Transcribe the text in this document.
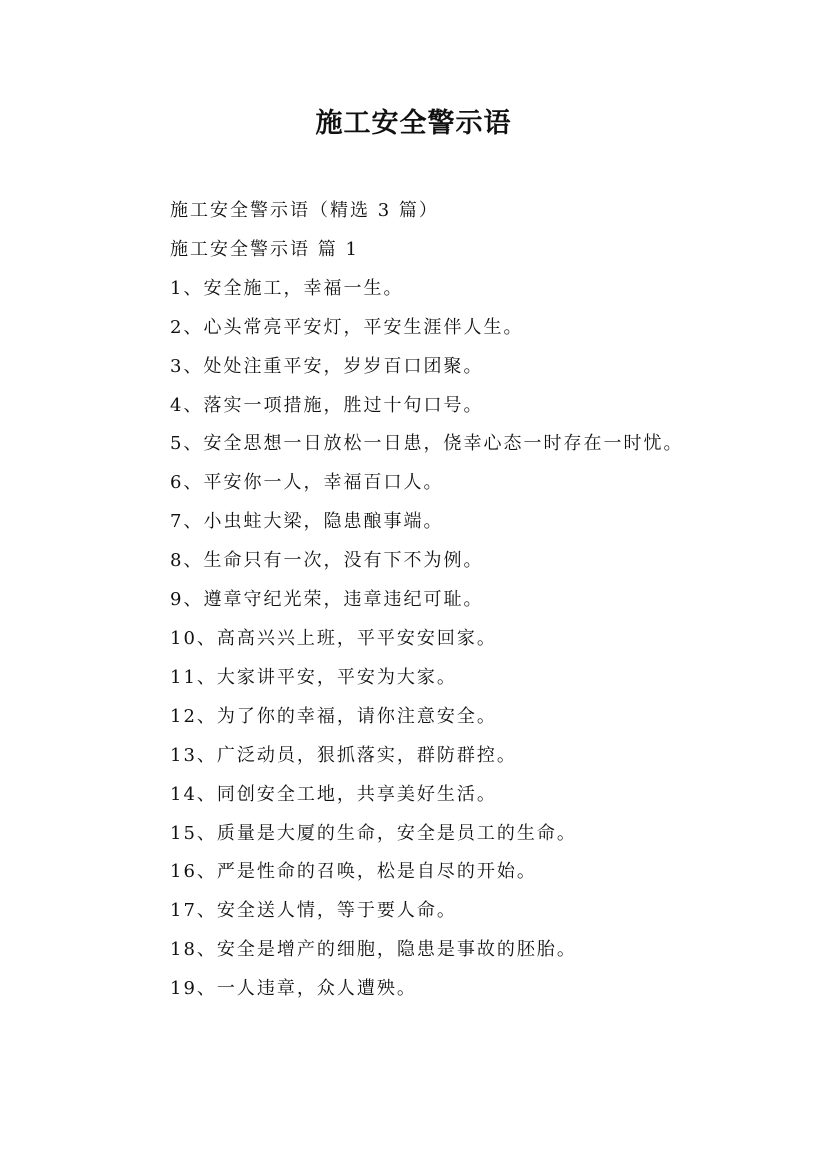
施工安全警示语

施工安全警示语（精选 3 篇）

施工安全警示语 篇 1

1、安全施工，幸福一生。

2、心头常亮平安灯，平安生涯伴人生。

3、处处注重平安，岁岁百口团聚。

4、落实一项措施，胜过十句口号。

5、安全思想一日放松一日患，侥幸心态一时存在一时忧。

6、平安你一人，幸福百口人。

7、小虫蛀大梁，隐患酿事端。

8、生命只有一次，没有下不为例。

9、遵章守纪光荣，违章违纪可耻。

10、高高兴兴上班，平平安安回家。

11、大家讲平安，平安为大家。

12、为了你的幸福，请你注意安全。

13、广泛动员，狠抓落实，群防群控。

14、同创安全工地，共享美好生活。

15、质量是大厦的生命，安全是员工的生命。

16、严是性命的召唤，松是自尽的开始。

17、安全送人情，等于要人命。

18、安全是增产的细胞，隐患是事故的胚胎。

19、一人违章，众人遭殃。
